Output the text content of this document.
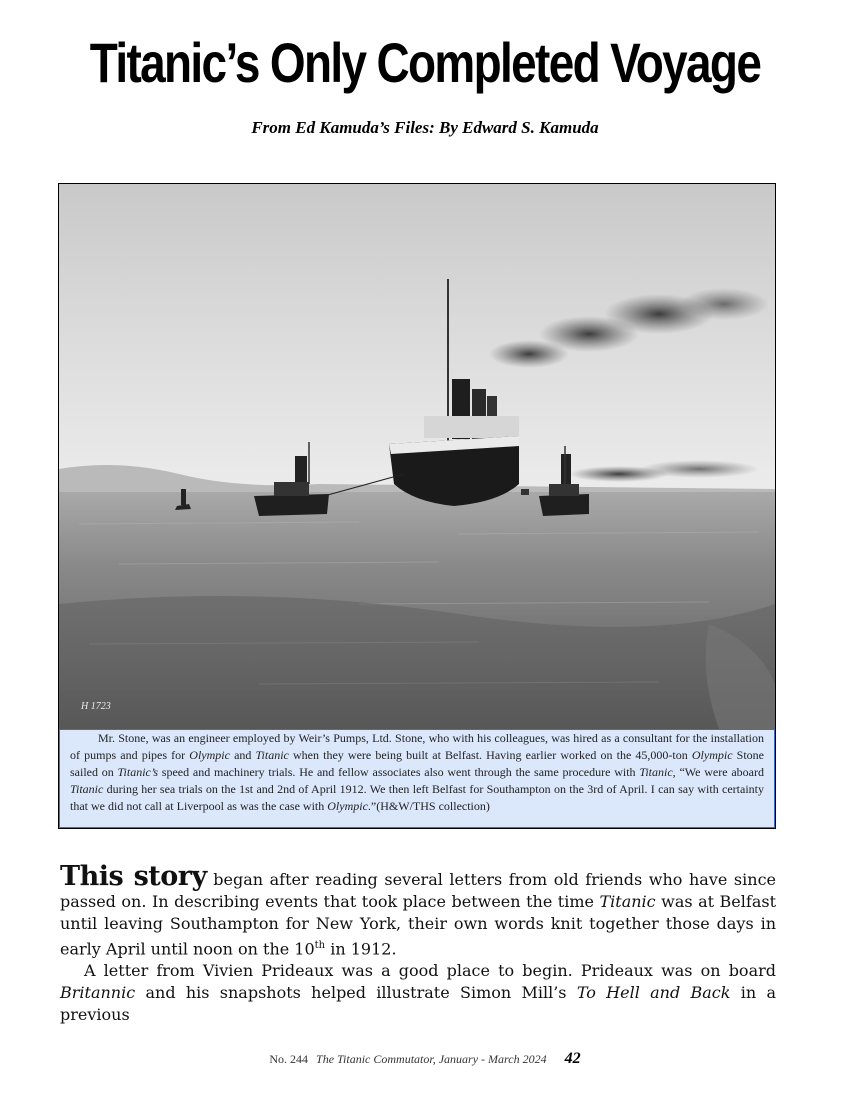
Titanic’s Only Completed Voyage
From Ed Kamuda’s Files: By Edward S. Kamuda
H 1723
Mr. Stone, was an engineer employed by Weir’s Pumps, Ltd. Stone, who with his colleagues, was hired as a consultant for the installation of pumps and pipes for Olympic and Titanic when they were being built at Belfast. Having earlier worked on the 45,000-ton Olympic Stone sailed on Titanic’s speed and machinery trials. He and fellow associates also went through the same procedure with Titanic, “We were aboard Titanic during her sea trials on the 1st and 2nd of April 1912. We then left Belfast for Southampton on the 3rd of April. I can say with certainty that we did not call at Liverpool as was the case with Olympic.”(H&W/THS collection)

This story began after reading several letters from old friends who have since passed on. In describing events that took place between the time Titanic was at Belfast until leaving Southampton for New York, their own words knit together those days in early April until noon on the 10th in 1912.

A letter from Vivien Prideaux was a good place to begin. Prideaux was on board Britannic and his snapshots helped illustrate Simon Mill’s To Hell and Back in a previous

No. 244 The Titanic Commutator, January - March 2024 42
